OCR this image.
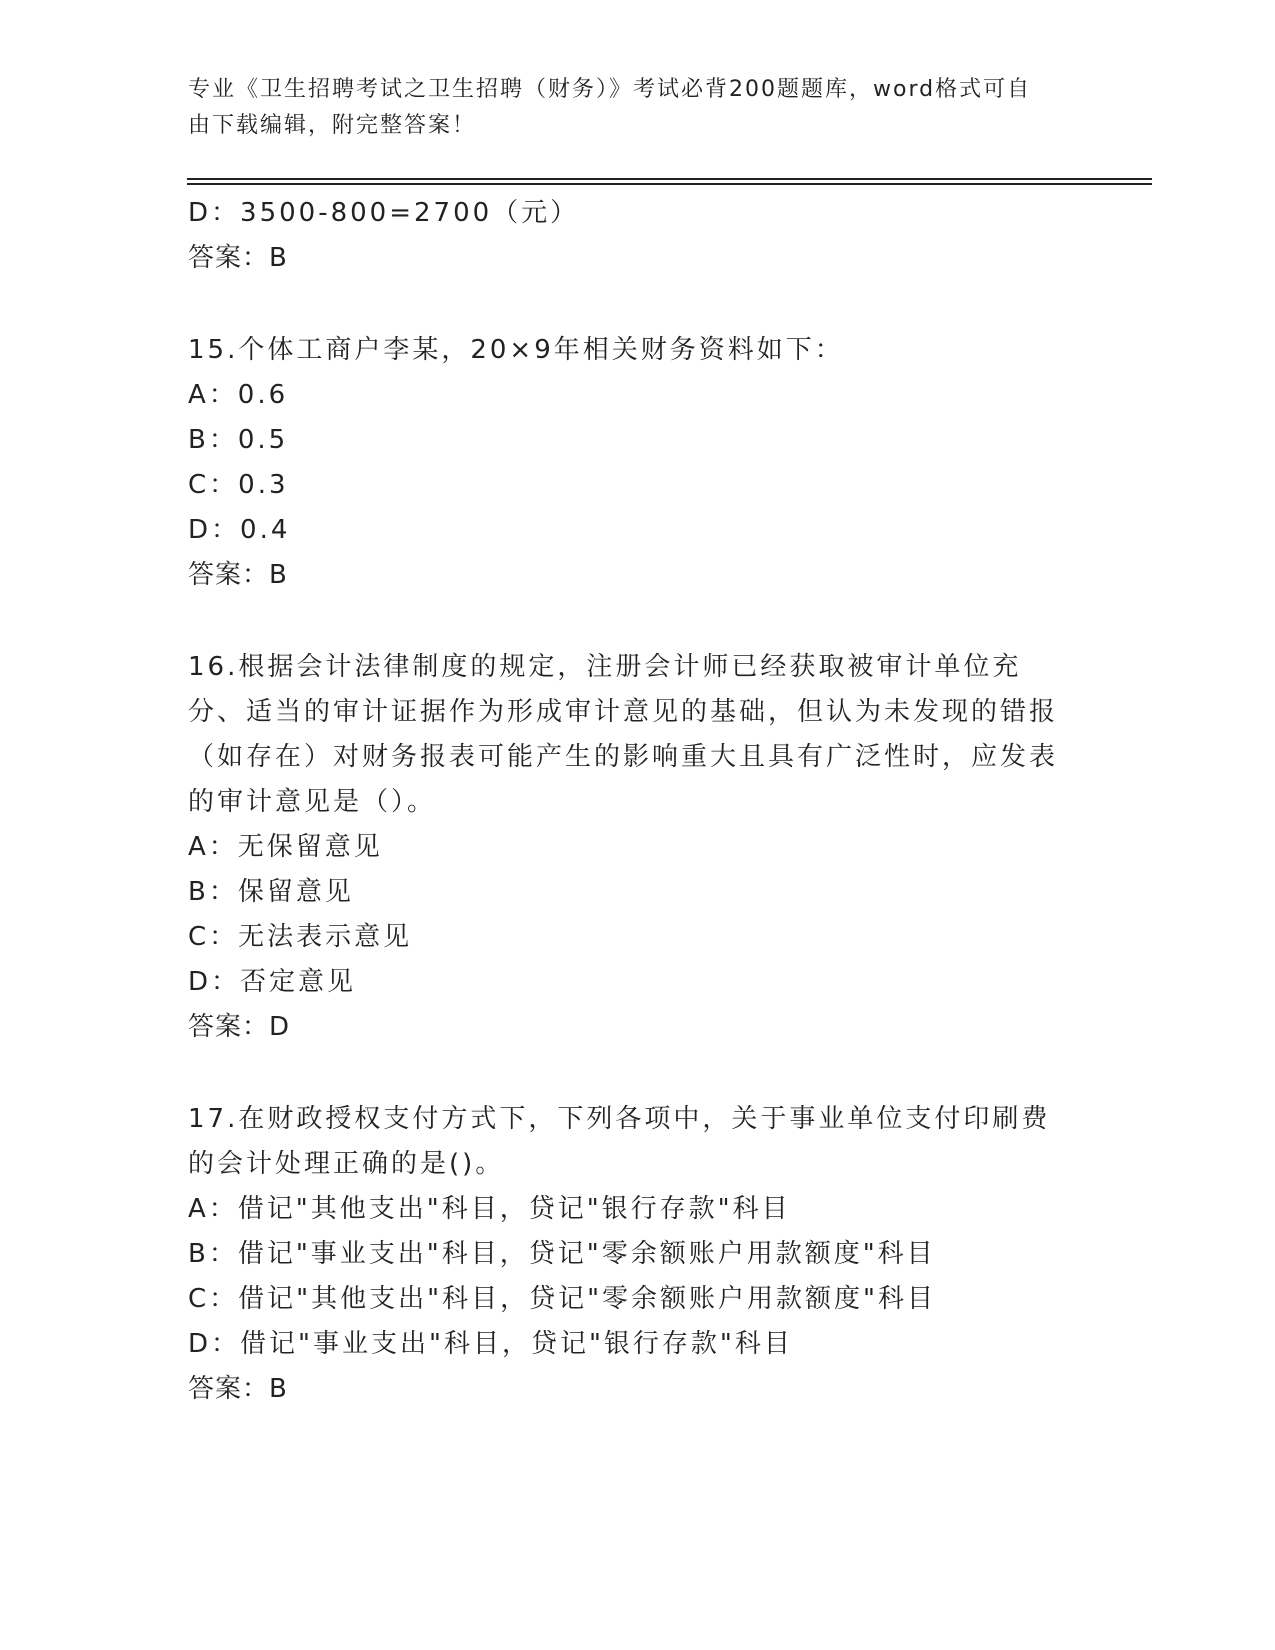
专业《卫生招聘考试之卫生招聘（财务）》考试必背200题题库，word格式可自
由下载编辑，附完整答案！
D：3500-800=2700（元）
答案：B
15.个体工商户李某，20×9年相关财务资料如下：
A：0.6
B：0.5
C：0.3
D：0.4
答案：B
16.根据会计法律制度的规定，注册会计师已经获取被审计单位充分、适当的审计证据作为形成审计意见的基础，但认为未发现的错报（如存在）对财务报表可能产生的影响重大且具有广泛性时，应发表的审计意见是（）。
A：无保留意见
B：保留意见
C：无法表示意见
D：否定意见
答案：D
17.在财政授权支付方式下，下列各项中，关于事业单位支付印刷费的会计处理正确的是()。
A：借记"其他支出"科目，贷记"银行存款"科目
B：借记"事业支出"科目，贷记"零余额账户用款额度"科目
C：借记"其他支出"科目，贷记"零余额账户用款额度"科目
D：借记"事业支出"科目，贷记"银行存款"科目
答案：B
